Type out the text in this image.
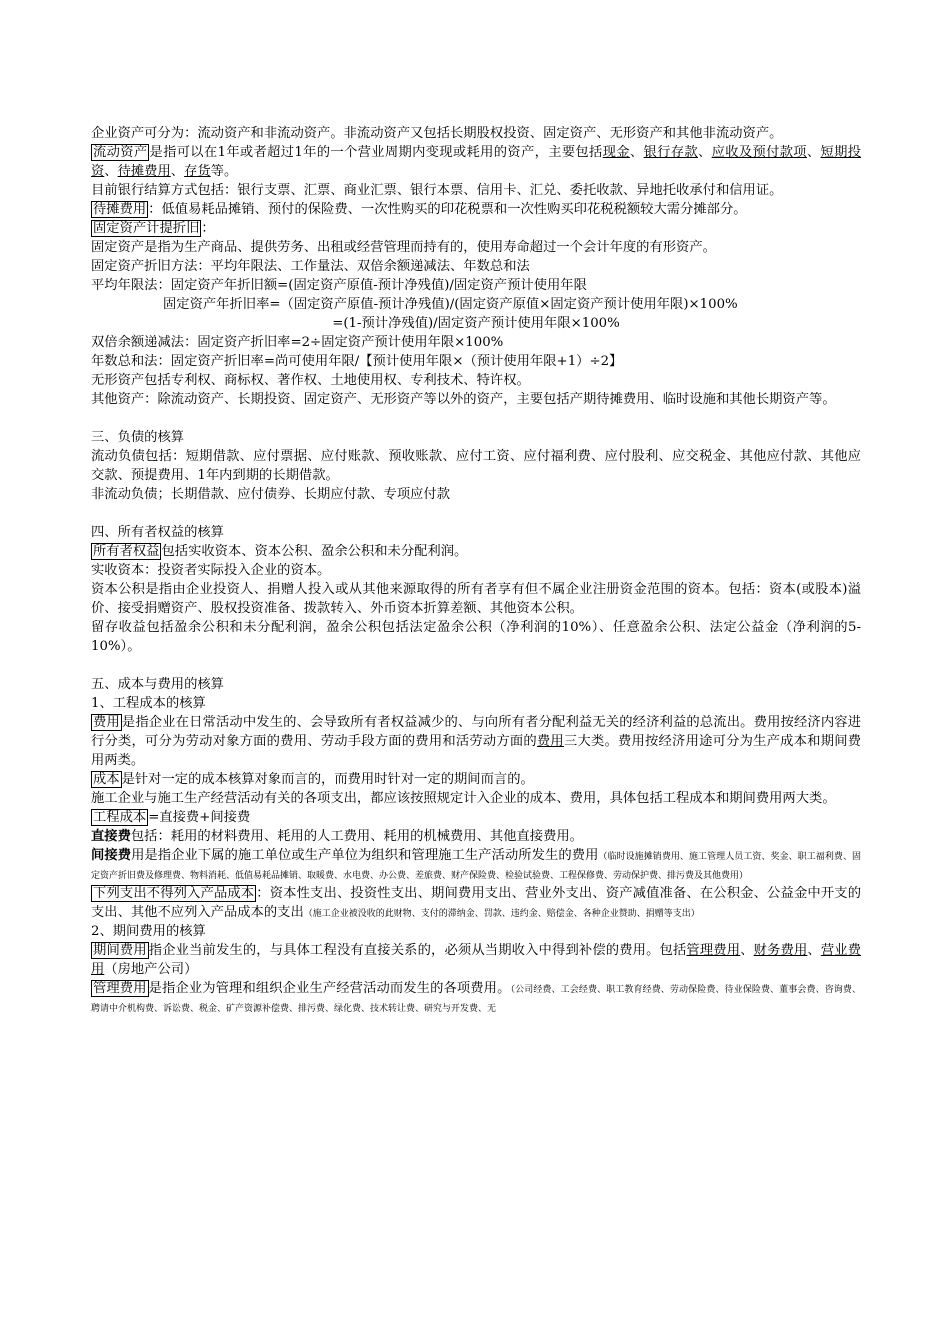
企业资产可分为：流动资产和非流动资产。非流动资产又包括长期股权投资、固定资产、无形资产和其他非流动资产。

流动资产 是指可以在1年或者超过1年的一个营业周期内变现或耗用的资产，主要包括现金、银行存款、应收及预付款项、短期投资、待摊费用、存货等。

目前银行结算方式包括：银行支票、汇票、商业汇票、银行本票、信用卡、汇兑、委托收款、异地托收承付和信用证。

待摊费用 ：低值易耗品摊销、预付的保险费、一次性购买的印花税票和一次性购买印花税税额较大需分摊部分。

固定资产计提折旧 ：

固定资产是指为生产商品、提供劳务、出租或经营管理而持有的，使用寿命超过一个会计年度的有形资产。

固定资产折旧方法：平均年限法、工作量法、双倍余额递减法、年数总和法

平均年限法：固定资产年折旧额=(固定资产原值-预计净残值)/固定资产预计使用年限

固定资产年折旧率=（固定资产原值-预计净残值)/(固定资产原值×固定资产预计使用年限)×100%

=(1-预计净残值)/固定资产预计使用年限×100%

双倍余额递减法：固定资产折旧率=2÷固定资产预计使用年限×100%

年数总和法：固定资产折旧率=尚可使用年限/【预计使用年限×（预计使用年限+1）÷2】

无形资产包括专利权、商标权、著作权、土地使用权、专利技术、特许权。

其他资产：除流动资产、长期投资、固定资产、无形资产等以外的资产，主要包括产期待摊费用、临时设施和其他长期资产等。

三、负债的核算

流动负债包括：短期借款、应付票据、应付账款、预收账款、应付工资、应付福利费、应付股利、应交税金、其他应付款、其他应交款、预提费用、1年内到期的长期借款。

非流动负债；长期借款、应付债券、长期应付款、专项应付款

四、所有者权益的核算

所有者权益 包括实收资本、资本公积、盈余公积和未分配利润。

实收资本：投资者实际投入企业的资本。

资本公积是指由企业投资人、捐赠人投入或从其他来源取得的所有者享有但不属企业注册资金范围的资本。包括：资本(或股本)溢价、接受捐赠资产、股权投资准备、拨款转入、外币资本折算差额、其他资本公积。

留存收益包括盈余公积和未分配利润，盈余公积包括法定盈余公积（净利润的10%）、任意盈余公积、法定公益金（净利润的5-10%）。

五、成本与费用的核算

1、工程成本的核算

费用 是指企业在日常活动中发生的、会导致所有者权益减少的、与向所有者分配利益无关的经济利益的总流出。费用按经济内容进行分类，可分为劳动对象方面的费用、劳动手段方面的费用和活劳动方面的费用三大类。费用按经济用途可分为生产成本和期间费用两类。

成本 是针对一定的成本核算对象而言的，而费用时针对一定的期间而言的。

施工企业与施工生产经营活动有关的各项支出，都应该按照规定计入企业的成本、费用，具体包括工程成本和期间费用两大类。

工程成本 =直接费+间接费

直接费包括：耗用的材料费用、耗用的人工费用、耗用的机械费用、其他直接费用。

间接费用是指企业下属的施工单位或生产单位为组织和管理施工生产活动所发生的费用（临时设施摊销费用、施工管理人员工资、奖金、职工福利费、固定资产折旧费及修理费、物料消耗、低值易耗品摊销、取暖费、水电费、办公费、差旅费、财产保险费、检验试验费、工程保修费、劳动保护费、排污费及其他费用）

下列支出不得列入产品成本 ：资本性支出、投资性支出、期间费用支出、营业外支出、资产减值准备、在公积金、公益金中开支的支出、其他不应列入产品成本的支出（施工企业被没收的此财物、支付的滞纳金、罚款、违约金、赔偿金、各种企业赞助、捐赠等支出）

2、期间费用的核算

期间费用 指企业当前发生的，与具体工程没有直接关系的，必须从当期收入中得到补偿的费用。包括管理费用、财务费用、营业费用（房地产公司）

管理费用 是指企业为管理和组织企业生产经营活动而发生的各项费用。（公司经费、工会经费、职工教育经费、劳动保险费、待业保险费、董事会费、咨询费、聘请中介机构费、诉讼费、税金、矿产资源补偿费、排污费、绿化费、技术转让费、研究与开发费、无
